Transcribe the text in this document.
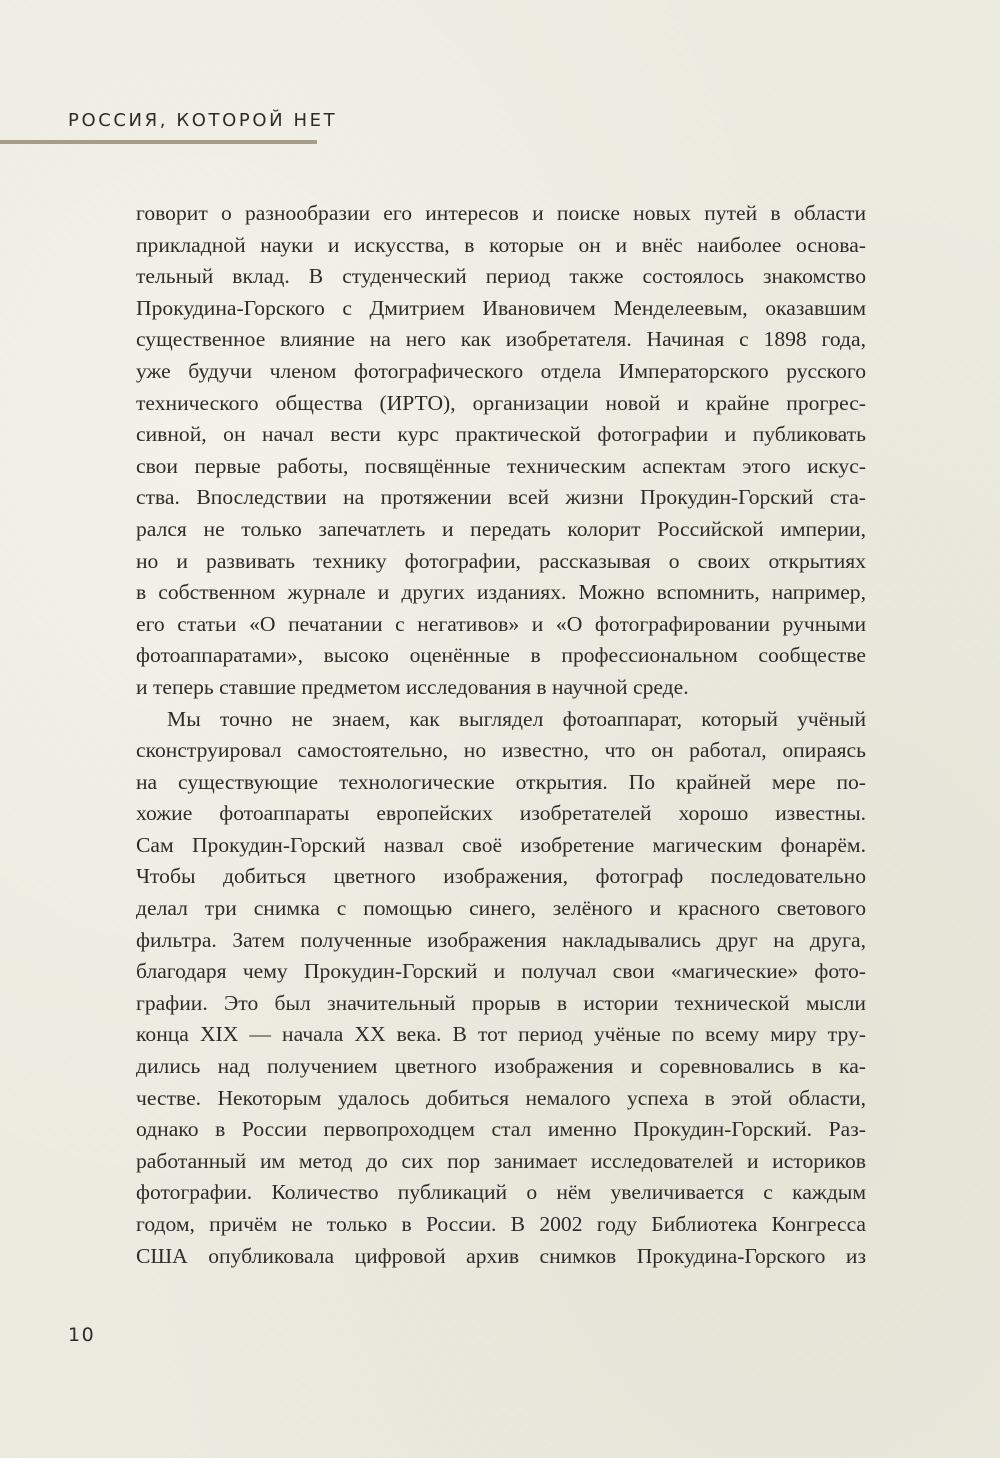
РОССИЯ, КОТОРОЙ НЕТ
говорит о разнообразии его интересов и поиске новых путей в области
прикладной науки и искусства, в которые он и внёс наиболее основа-
тельный вклад. В студенческий период также состоялось знакомство
Прокудина-Горского с Дмитрием Ивановичем Менделеевым, оказавшим
существенное влияние на него как изобретателя. Начиная с 1898 года,
уже будучи членом фотографического отдела Императорского русского
технического общества (ИРТО), организации новой и крайне прогрес-
сивной, он начал вести курс практической фотографии и публиковать
свои первые работы, посвящённые техническим аспектам этого искус-
ства. Впоследствии на протяжении всей жизни Прокудин-Горский ста-
рался не только запечатлеть и передать колорит Российской империи,
но и развивать технику фотографии, рассказывая о своих открытиях
в собственном журнале и других изданиях. Можно вспомнить, например,
его статьи «О печатании с негативов» и «О фотографировании ручными
фотоаппаратами», высоко оценённые в профессиональном сообществе
и теперь ставшие предметом исследования в научной среде.
Мы точно не знаем, как выглядел фотоаппарат, который учёный
сконструировал самостоятельно, но известно, что он работал, опираясь
на существующие технологические открытия. По крайней мере по-
хожие фотоаппараты европейских изобретателей хорошо известны.
Сам Прокудин-Горский назвал своё изобретение магическим фонарём.
Чтобы добиться цветного изображения, фотограф последовательно
делал три снимка с помощью синего, зелёного и красного светового
фильтра. Затем полученные изображения накладывались друг на друга,
благодаря чему Прокудин-Горский и получал свои «магические» фото-
графии. Это был значительный прорыв в истории технической мысли
конца XIX — начала XX века. В тот период учёные по всему миру тру-
дились над получением цветного изображения и соревновались в ка-
честве. Некоторым удалось добиться немалого успеха в этой области,
однако в России первопроходцем стал именно Прокудин-Горский. Раз-
работанный им метод до сих пор занимает исследователей и историков
фотографии. Количество публикаций о нём увеличивается с каждым
годом, причём не только в России. В 2002 году Библиотека Конгресса
США опубликовала цифровой архив снимков Прокудина-Горского из
10
